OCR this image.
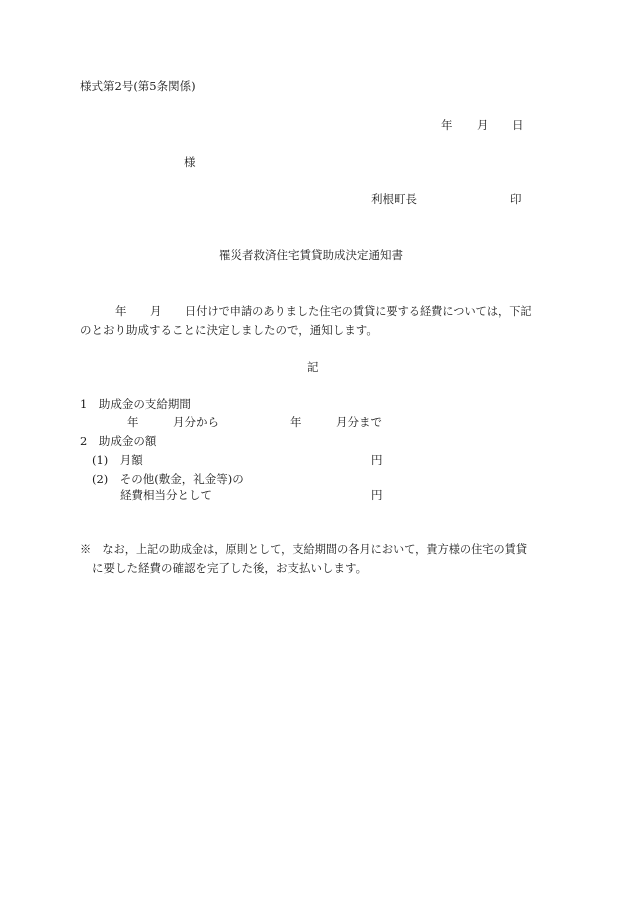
様式第2号(第5条関係)
年 月 日
様
利根町長	印
罹災者救済住宅賃貸助成決定通知書
年 月 日付けで申請のありました住宅の賃貸に要する経費については，下記
のとおり助成することに決定しましたので，通知します。
記
1　助成金の支給期間
年	月分から	年	月分まで
2　助成金の額
(1)　月額	円
(2)　その他(敷金，礼金等)の
経費相当分として	円
※　なお，上記の助成金は，原則として，支給期間の各月において，貴方様の住宅の賃貸
に要した経費の確認を完了した後，お支払いします。
